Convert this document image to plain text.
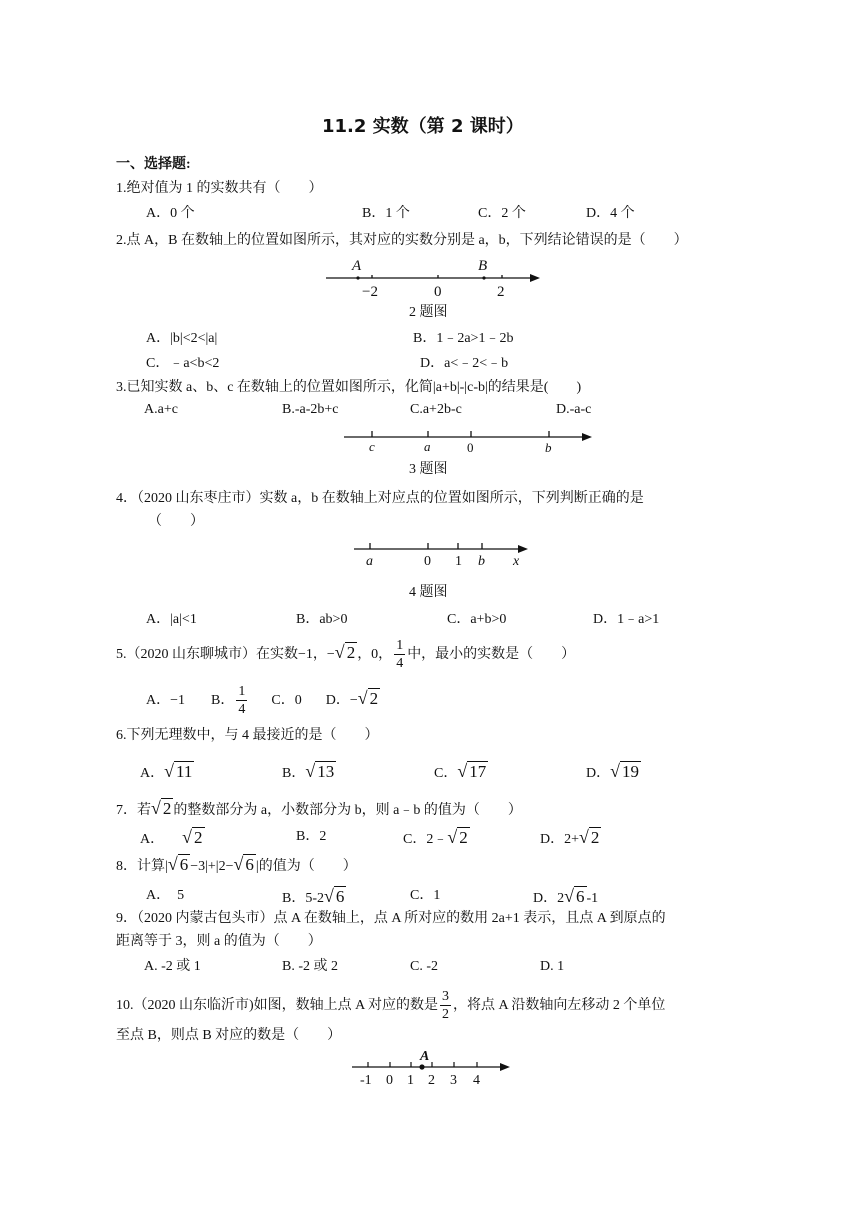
11.2 实数（第 2 课时）
一、选择题:
1.绝对值为 1 的实数共有（　　）
A．0 个	B．1 个	C．2 个	D．4 个
2.点 A，B 在数轴上的位置如图所示，其对应的实数分别是 a，b，下列结论错误的是（　　）
A	B
−2	0	2
2 题图
A．|b|<2<|a|	B．1﹣2a>1﹣2b
C．﹣a<b<2	D．a<﹣2<﹣b
3.已知实数 a、b、c 在数轴上的位置如图所示，化简|a+b|-|c-b|的结果是(　　)
A.a+c	B.-a-2b+c	C.a+2b-c	D.-a-c
c	a	0	b
3 题图
4．（2020 山东枣庄市）实数 a，b 在数轴上对应点的位置如图所示，下列判断正确的是
（　　）
a	0 1 b x
4 题图
A．|a|<1	B．ab>0	C．a+b>0	D．1﹣a>1
5.（2020 山东聊城市）在实数−1，−√ 2 ，0， $\frac{1}{4}$ 中，最小的实数是（　　）
A．−1 B． $\frac{1}{4}$ C．0 D．−√ 2
6.下列无理数中，与 4 最接近的是（　　）
A．√ 11	B．√ 13	C．√ 17	D．√ 19
7．若√ 2 的整数部分为 a，小数部分为 b，则 a﹣b 的值为（　　）
A． √ 2	B．2	C．2﹣√ 2	D．2+√ 2
8．计算|√ 6 −3|+|2−√ 6 |的值为（　　）
A．　5	B．5-2√ 6	C．1	D．2√ 6 -1
9．（2020 内蒙古包头市）点 A 在数轴上，点 A 所对应的数用 2a+1 表示，且点 A 到原点的
距离等于 3，则 a 的值为（　　）
A. -2 或 1	B. -2 或 2	C. -2	D. 1
10.（2020 山东临沂市)如图，数轴上点 A 对应的数是 $\frac{3}{2}$ ，将点 A 沿数轴向左移动 2 个单位
至点 B，则点 B 对应的数是（　　）
A
-1 0 1 2 3 4
